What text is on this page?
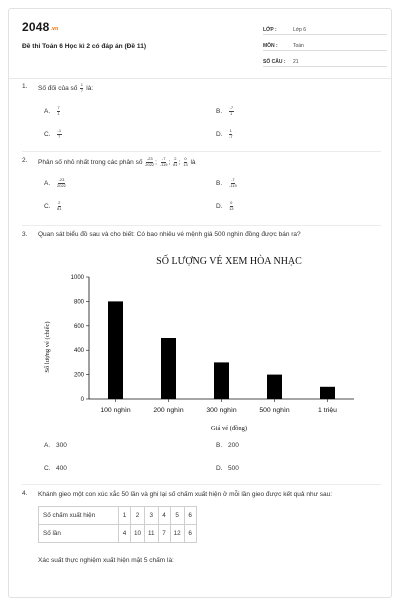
2048.vn
Đề thi Toán 6 Học kì 2 có đáp án (Đề 11)
LỚP :	Lớp 6
MÔN :	Toán
SỐ CÂU :	21
1.	Số đối của số $\frac{1}{7}$ là:
A.	$\frac{7}{1}$	B.	$\frac{-7}{1}$
C.	$\frac{-1}{7}$	D.	$\frac{1}{-7}$
2.	Phân số nhỏ nhất trong các phân số $\frac{-23}{2022}$ ; $\frac{-7}{-119}$ ; $\frac{2}{81}$ ; $\frac{0}{13}$ là
A.	$\frac{-23}{2022}$	B.	$\frac{-7}{-119}$
C.	$\frac{2}{81}$	D.	$\frac{0}{13}$
3.	Quan sát biểu đồ sau và cho biết: Có bao nhiêu vé mệnh giá 500 nghìn đồng được bán ra?
SỐ LƯỢNG VÉ XEM HÒA NHẠC
Số lượng vé (chiếc)
Giá vé (đồng)
0
200
400
600
800
1000
100 nghìn	200 nghìn	300 nghìn	500 nghìn	1 triệu
A. 300	B. 200
C. 400	D. 500
4.	Khánh gieo một con xúc xắc 50 lần và ghi lại số chấm xuất hiện ở mỗi lần gieo được kết quả như sau:
Số chấm xuất hiện	1	2	3	4	5	6
Số lần	4	10	11	7	12	6
Xác suất thực nghiệm xuất hiện mặt 5 chấm là:
